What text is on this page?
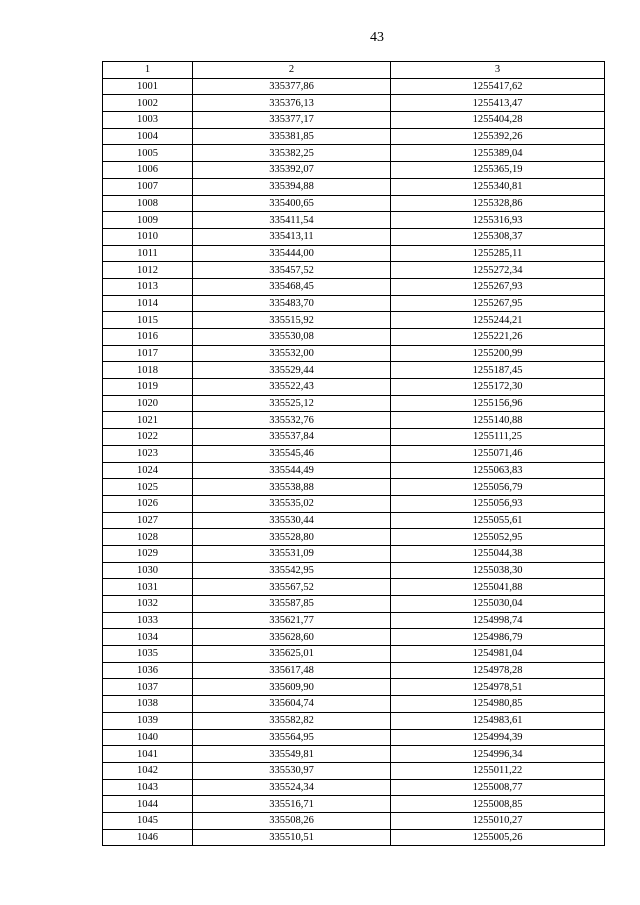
43
1	2	3
1001	335377,86	1255417,62
1002	335376,13	1255413,47
1003	335377,17	1255404,28
1004	335381,85	1255392,26
1005	335382,25	1255389,04
1006	335392,07	1255365,19
1007	335394,88	1255340,81
1008	335400,65	1255328,86
1009	335411,54	1255316,93
1010	335413,11	1255308,37
1011	335444,00	1255285,11
1012	335457,52	1255272,34
1013	335468,45	1255267,93
1014	335483,70	1255267,95
1015	335515,92	1255244,21
1016	335530,08	1255221,26
1017	335532,00	1255200,99
1018	335529,44	1255187,45
1019	335522,43	1255172,30
1020	335525,12	1255156,96
1021	335532,76	1255140,88
1022	335537,84	1255111,25
1023	335545,46	1255071,46
1024	335544,49	1255063,83
1025	335538,88	1255056,79
1026	335535,02	1255056,93
1027	335530,44	1255055,61
1028	335528,80	1255052,95
1029	335531,09	1255044,38
1030	335542,95	1255038,30
1031	335567,52	1255041,88
1032	335587,85	1255030,04
1033	335621,77	1254998,74
1034	335628,60	1254986,79
1035	335625,01	1254981,04
1036	335617,48	1254978,28
1037	335609,90	1254978,51
1038	335604,74	1254980,85
1039	335582,82	1254983,61
1040	335564,95	1254994,39
1041	335549,81	1254996,34
1042	335530,97	1255011,22
1043	335524,34	1255008,77
1044	335516,71	1255008,85
1045	335508,26	1255010,27
1046	335510,51	1255005,26
